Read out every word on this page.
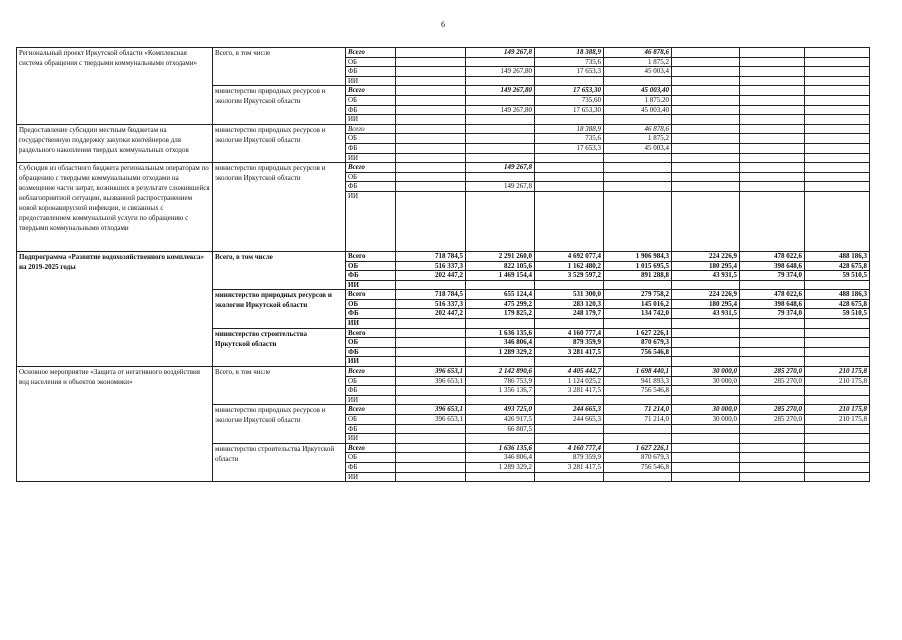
6
Региональный проект Иркутской области «Комплексная система обращения с твердыми коммунальными отходами»	Всего, в том числе	Всего		149 267,8	18 388,9	46 878,6			
		ОБ			735,6	1 875,2			
		ФБ		149 267,80	17 653,3	45 003,4			
		ИИ							
	министерство природных ресурсов и экологии Иркутской области	Всего		149 267,80	17 653,30	45 003,40			
		ОБ			735,60	1 875,20			
		ФБ		149 267,80	17 653,30	45 003,40			
		ИИ							
Предоставление субсидии местным бюджетам на государственную поддержку закупки контейнеров для раздельного накопления твердых коммунальных отходов	министерство природных ресурсов и экологии Иркутской области	Всего			18 388,9	46 878,6			
		ОБ			735,6	1 875,2			
		ФБ			17 653,3	45 003,4			
		ИИ							
Субсидия из областного бюджета региональным операторам по обращению с твердыми коммунальными отходами на возмещение части затрат, возникших в результате сложившейся неблагоприятной ситуации, вызванной распространением новой коронавирусной инфекции, и связанных с предоставлением коммунальной услуги по обращению с твердыми коммунальными отходами	министерство природных ресурсов и экологии Иркутской области	Всего		149 267,8					
		ОБ							
		ФБ		149 267,8					
		ИИ							
Подпрограмма «Развитие водохозяйственного комплекса» на 2019-2025 годы	Всего, в том числе	Всего	718 784,5	2 291 260,0	4 692 077,4	1 906 984,3	224 226,9	478 022,6	488 186,3
		ОБ	516 337,3	822 105,6	1 162 480,2	1 015 695,5	180 295,4	398 648,6	428 675,8
		ФБ	202 447,2	1 469 154,4	3 529 597,2	891 288,8	43 931,5	79 374,0	59 510,5
		ИИ							
	министерство природных ресурсов и экологии Иркутской области	Всего	718 784,5	655 124,4	531 300,0	279 758,2	224 226,9	478 022,6	488 186,3
		ОБ	516 337,3	475 299,2	283 120,3	145 016,2	180 295,4	398 648,6	428 675,8
		ФБ	202 447,2	179 825,2	248 179,7	134 742,0	43 931,5	79 374,0	59 510,5
		ИИ							
	министерство строительства Иркутской области	Всего		1 636 135,6	4 160 777,4	1 627 226,1			
		ОБ		346 806,4	879 359,9	870 679,3			
		ФБ		1 289 329,2	3 281 417,5	756 546,8			
		ИИ							
Основное мероприятие «Защита от негативного воздействия вод населения и объектов экономики»	Всего, в том числе	Всего	396 653,1	2 142 890,6	4 405 442,7	1 698 440,1	30 000,0	285 270,0	210 175,8
		ОБ	396 653,1	786 753,9	1 124 025,2	941 893,3	30 000,0	285 270,0	210 175,8
		ФБ		1 356 136,7	3 281 417,5	756 546,8			
		ИИ							
	министерство природных ресурсов и экологии Иркутской области	Всего	396 653,1	493 725,0	244 665,3	71 214,0	30 000,0	285 270,0	210 175,8
		ОБ	396 653,1	426 917,5	244 665,3	71 214,0	30 000,0	285 270,0	210 175,8
		ФБ		66 807,5					
		ИИ							
	министерство строительства Иркутской области	Всего		1 636 135,6	4 160 777,4	1 627 226,1			
		ОБ		346 806,4	879 359,9	870 679,3			
		ФБ		1 289 329,2	3 281 417,5	756 546,8			
		ИИ							
